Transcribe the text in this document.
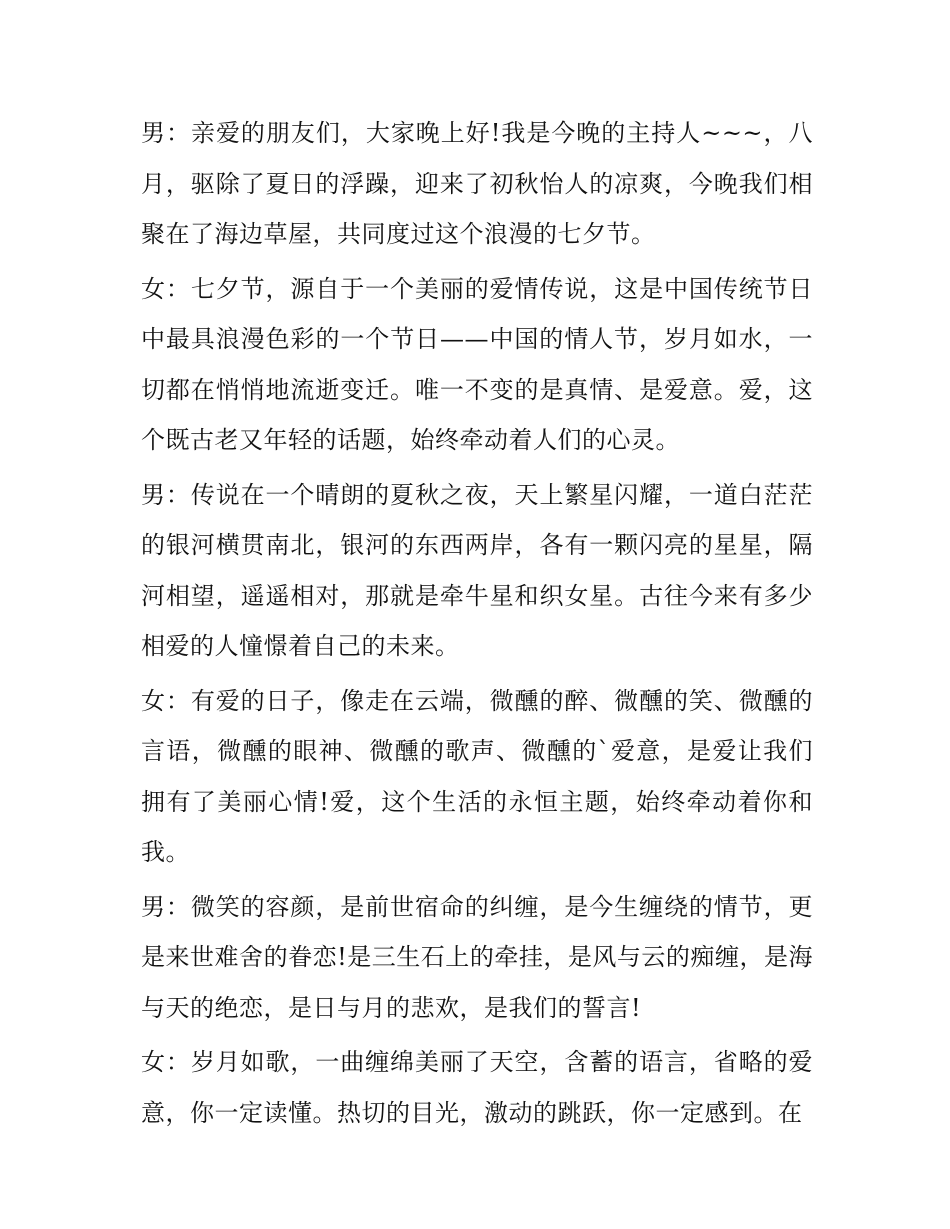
男：亲爱的朋友们，大家晚上好!我是今晚的主持人~~~，八月，驱除了夏日的浮躁，迎来了初秋怡人的凉爽，今晚我们相聚在了海边草屋，共同度过这个浪漫的七夕节。

女：七夕节，源自于一个美丽的爱情传说，这是中国传统节日中最具浪漫色彩的一个节日——中国的情人节，岁月如水，一切都在悄悄地流逝变迁。唯一不变的是真情、是爱意。爱，这个既古老又年轻的话题，始终牵动着人们的心灵。

男：传说在一个晴朗的夏秋之夜，天上繁星闪耀，一道白茫茫的银河横贯南北，银河的东西两岸，各有一颗闪亮的星星，隔河相望，遥遥相对，那就是牵牛星和织女星。古往今来有多少相爱的人憧憬着自己的未来。

女：有爱的日子，像走在云端，微醺的醉、微醺的笑、微醺的言语，微醺的眼神、微醺的歌声、微醺的`爱意，是爱让我们拥有了美丽心情!爱，这个生活的永恒主题，始终牵动着你和我。

男：微笑的容颜，是前世宿命的纠缠，是今生缠绕的情节，更是来世难舍的眷恋!是三生石上的牵挂，是风与云的痴缠，是海与天的绝恋，是日与月的悲欢，是我们的誓言!

女：岁月如歌，一曲缠绵美丽了天空，含蓄的语言，省略的爱意，你一定读懂。热切的目光，激动的跳跃，你一定感到。在
